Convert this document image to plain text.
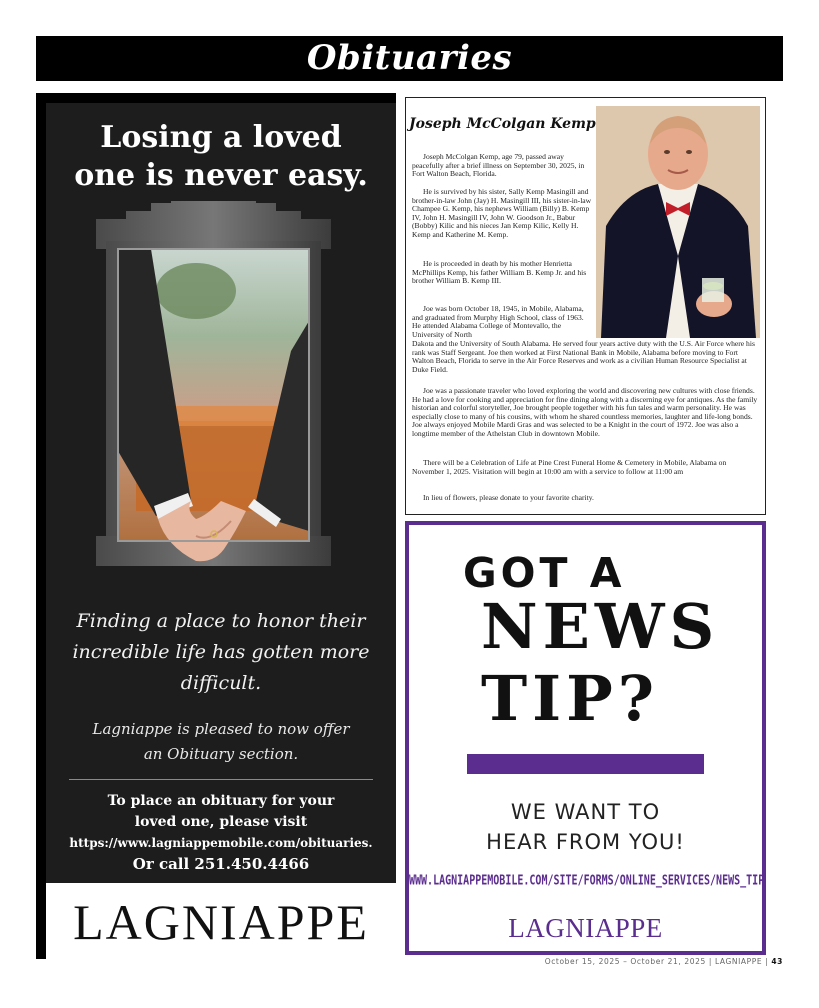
Obituaries
Losing a loved
one is never easy.
Finding a place to honor their
incredible life has gotten more
difficult.
Lagniappe is pleased to now offer
an Obituary section.
To place an obituary for your
loved one, please visit
https://www.lagniappemobile.com/obituaries.
Or call 251.450.4466
LAGNIAPPE
Joseph McColgan Kemp

Joseph McColgan Kemp, age 79, passed away peacefully after a brief illness on September 30, 2025, in Fort Walton Beach, Florida.

He is survived by his sister, Sally Kemp Masingill and brother-in-law John (Jay) H. Masingill III, his sister-in-law Champee G. Kemp, his nephews William (Billy) B. Kemp IV, John H. Masingill IV, John W. Goodson Jr., Babur (Bobby) Kilic and his nieces Jan Kemp Kilic, Kelly H. Kemp and Katherine M. Kemp.

He is proceeded in death by his mother Henrietta McPhillips Kemp, his father William B. Kemp Jr. and his brother William B. Kemp III.

Joe was born October 18, 1945, in Mobile, Alabama, and graduated from Murphy High School, class of 1963. He attended Alabama College of Montevallo, the University of North

Dakota and the University of South Alabama. He served four years active duty with the U.S. Air Force where his rank was Staff Sergeant. Joe then worked at First National Bank in Mobile, Alabama before moving to Fort Walton Beach, Florida to serve in the Air Force Reserves and work as a civilian Human Resource Specialist at Duke Field.

Joe was a passionate traveler who loved exploring the world and discovering new cultures with close friends. He had a love for cooking and appreciation for fine dining along with a discerning eye for antiques. As the family historian and colorful storyteller, Joe brought people together with his fun tales and warm personality. He was especially close to many of his cousins, with whom he shared countless memories, laughter and life-long bonds. Joe always enjoyed Mobile Mardi Gras and was selected to be a Knight in the court of 1972. Joe was also a longtime member of the Athelstan Club in downtown Mobile.

There will be a Celebration of Life at Pine Crest Funeral Home & Cemetery in Mobile, Alabama on November 1, 2025. Visitation will begin at 10:00 am with a service to follow at 11:00 am

In lieu of flowers, please donate to your favorite charity.

GOT A
NEWS
TIP?
WE WANT TO
HEAR FROM YOU!
WWW.LAGNIAPPEMOBILE.COM/SITE/FORMS/ONLINE_SERVICES/NEWS_TIP
LAGNIAPPE
October 15, 2025 – October 21, 2025 | LAGNIAPPE | 43
